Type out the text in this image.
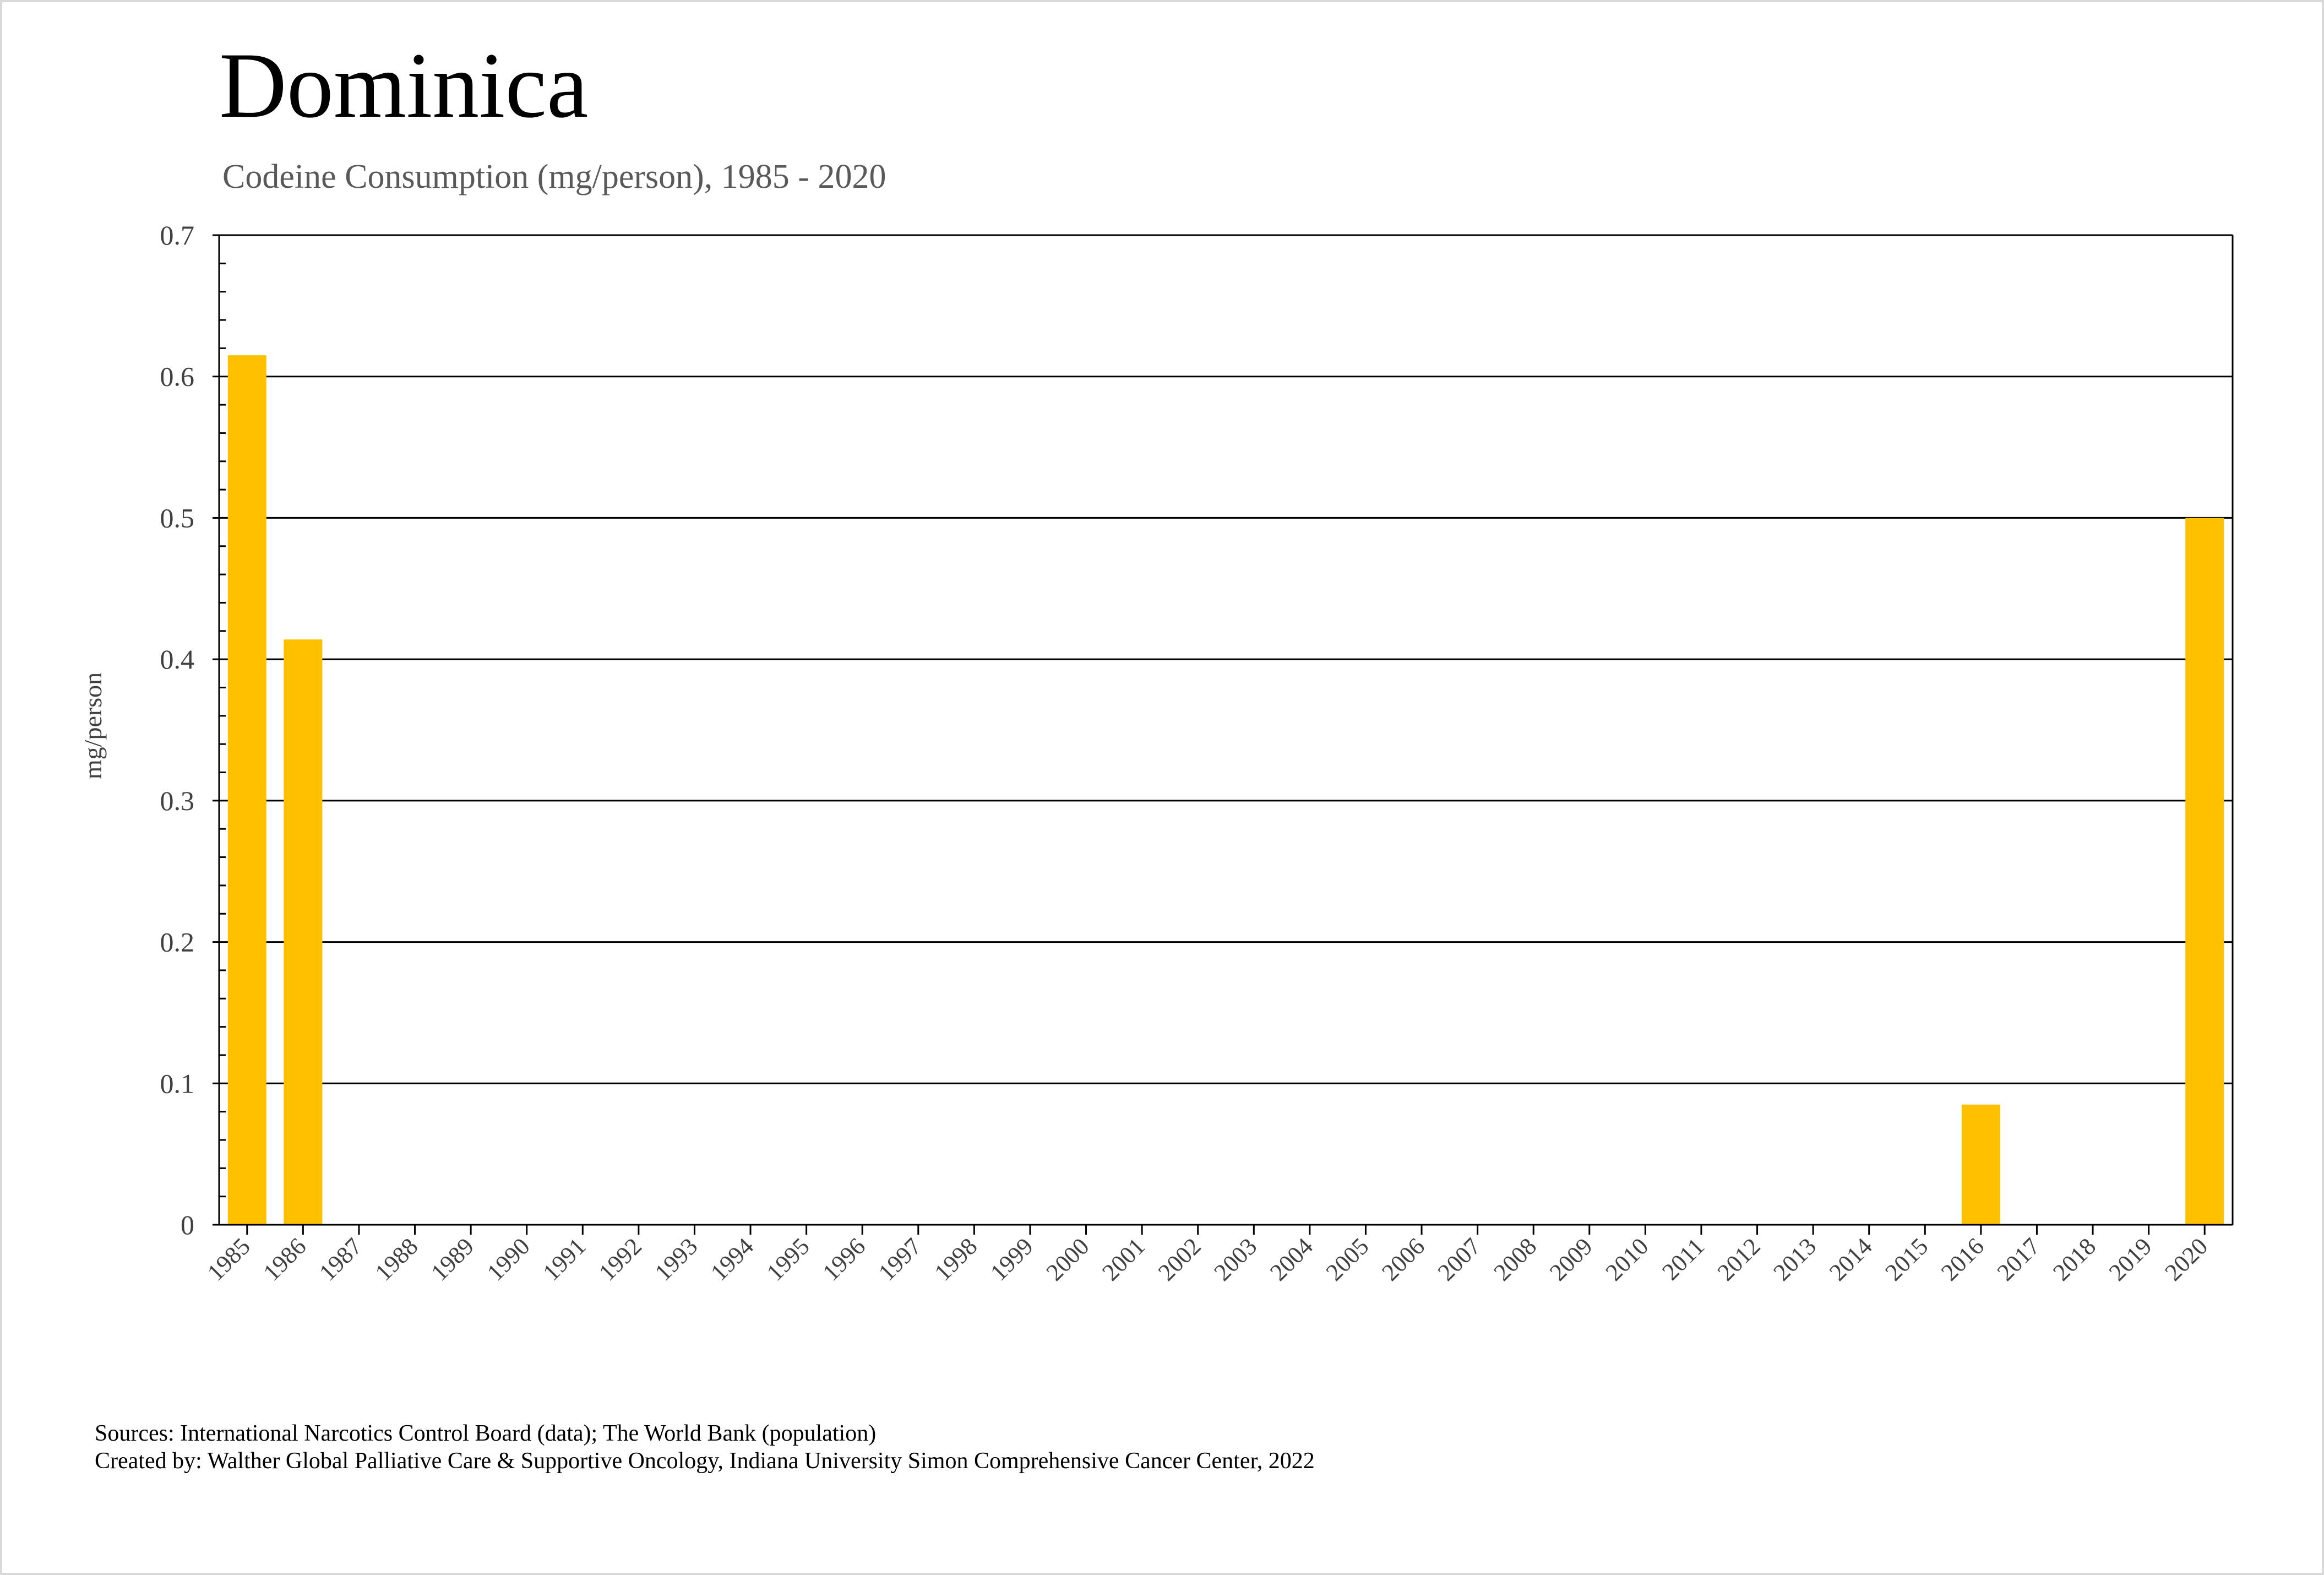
Dominica
Codeine Consumption (mg/person), 1985 - 2020
0
0.1
0.2
0.3
0.4
0.5
0.6
0.7
1985 1986 1987 1988 1989 1990 1991 1992 1993 1994 1995 1996 1997 1998 1999 2000 2001 2002 2003 2004 2005 2006 2007 2008 2009 2010 2011 2012 2013 2014 2015 2016 2017 2018 2019 2020
mg/person
Sources: International Narcotics Control Board (data); The World Bank (population)
Created by: Walther Global Palliative Care & Supportive Oncology, Indiana University Simon Comprehensive Cancer Center, 2022
